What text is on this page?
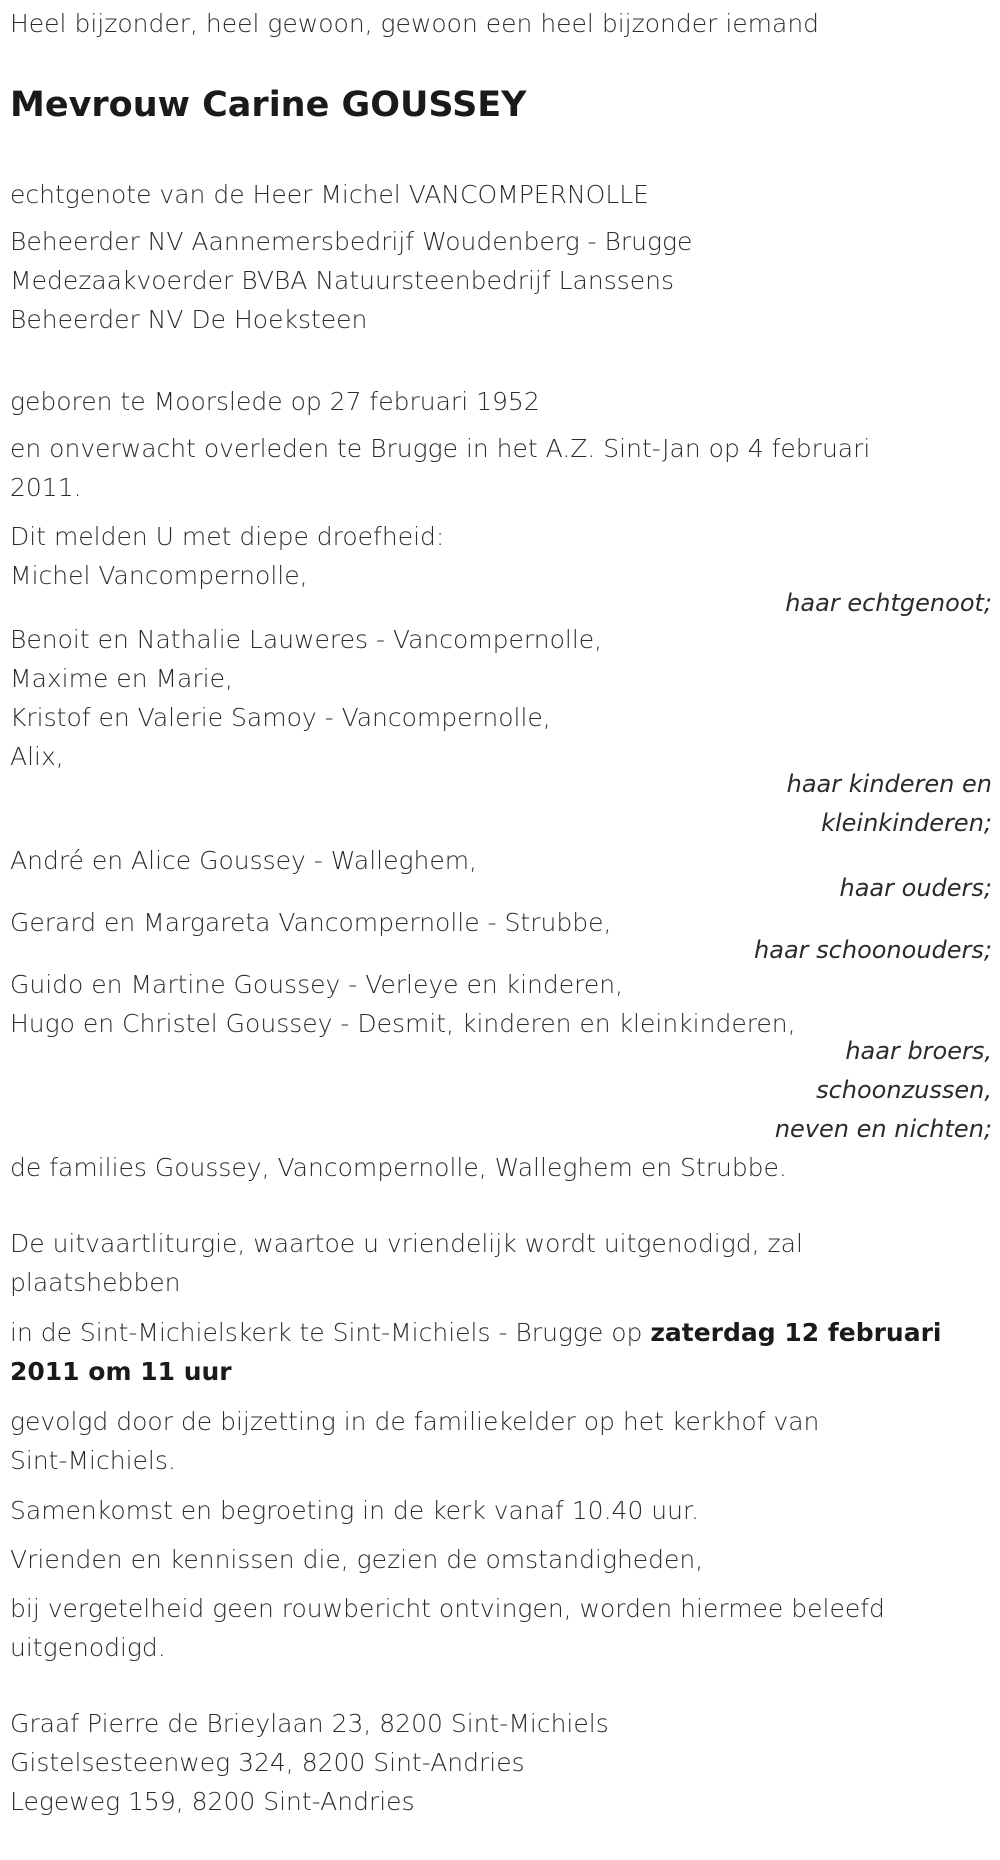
Heel bijzonder, heel gewoon, gewoon een heel bijzonder iemand
Mevrouw Carine GOUSSEY
echtgenote van de Heer Michel VANCOMPERNOLLE
Beheerder NV Aannemersbedrijf Woudenberg - Brugge
Medezaakvoerder BVBA Natuursteenbedrijf Lanssens
Beheerder NV De Hoeksteen
geboren te Moorslede op 27 februari 1952
en onverwacht overleden te Brugge in het A.Z. Sint-Jan op 4 februari
2011.
Dit melden U met diepe droefheid:
Michel Vancompernolle,
haar echtgenoot;
Benoit en Nathalie Lauweres - Vancompernolle,
Maxime en Marie,
Kristof en Valerie Samoy - Vancompernolle,
Alix,
haar kinderen en
kleinkinderen;
André en Alice Goussey - Walleghem,
haar ouders;
Gerard en Margareta Vancompernolle - Strubbe,
haar schoonouders;
Guido en Martine Goussey - Verleye en kinderen,
Hugo en Christel Goussey - Desmit, kinderen en kleinkinderen,
haar broers,
schoonzussen,
neven en nichten;
de families Goussey, Vancompernolle, Walleghem en Strubbe.
De uitvaartliturgie, waartoe u vriendelijk wordt uitgenodigd, zal
plaatshebben
in de Sint-Michielskerk te Sint-Michiels - Brugge op zaterdag 12 februari
2011 om 11 uur
gevolgd door de bijzetting in de familiekelder op het kerkhof van
Sint-Michiels.
Samenkomst en begroeting in de kerk vanaf 10.40 uur.
Vrienden en kennissen die, gezien de omstandigheden,
bij vergetelheid geen rouwbericht ontvingen, worden hiermee beleefd
uitgenodigd.
Graaf Pierre de Brieylaan 23, 8200 Sint-Michiels
Gistelsesteenweg 324, 8200 Sint-Andries
Legeweg 159, 8200 Sint-Andries
